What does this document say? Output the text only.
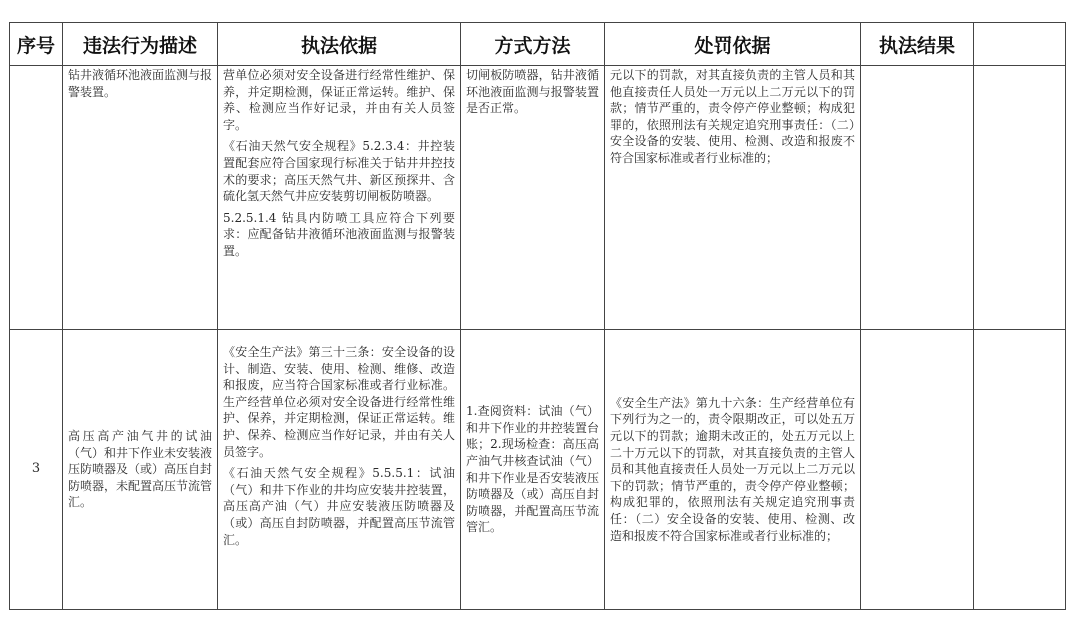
序号	违法行为描述	执法依据	方式方法	处罚依据	执法结果	

	钻井液循环池液面监测与报警装置。	营单位必须对安全设备进行经常性维护、保养，并定期检测，保证正常运转。维护、保养、检测应当作好记录，并由有关人员签字。

《石油天然气安全规程》5.2.3.4：井控装置配套应符合国家现行标准关于钻井井控技术的要求；高压天然气井、新区预探井、含硫化氢天然气井应安装剪切闸板防喷器。

5.2.5.1.4 钻具内防喷工具应符合下列要求：应配备钻井液循环池液面监测与报警装置。	切闸板防喷器，钻井液循环池液面监测与报警装置是否正常。	元以下的罚款，对其直接负责的主管人员和其他直接责任人员处一万元以上二万元以下的罚款；情节严重的，责令停产停业整顿；构成犯罪的，依照刑法有关规定追究刑事责任：（二）安全设备的安装、使用、检测、改造和报废不符合国家标准或者行业标准的；		

3	高压高产油气井的试油（气）和井下作业未安装液压防喷器及（或）高压自封防喷器，未配置高压节流管汇。	《安全生产法》第三十三条：安全设备的设计、制造、安装、使用、检测、维修、改造和报废，应当符合国家标准或者行业标准。生产经营单位必须对安全设备进行经常性维护、保养，并定期检测，保证正常运转。维护、保养、检测应当作好记录，并由有关人员签字。

《石油天然气安全规程》5.5.5.1：试油（气）和井下作业的井均应安装井控装置，高压高产油（气）井应安装液压防喷器及（或）高压自封防喷器，并配置高压节流管汇。	1.查阅资料：试油（气）和井下作业的井控装置台账；2.现场检查：高压高产油气井核查试油（气）和井下作业是否安装液压防喷器及（或）高压自封防喷器，并配置高压节流管汇。	《安全生产法》第九十六条：生产经营单位有下列行为之一的，责令限期改正，可以处五万元以下的罚款；逾期未改正的，处五万元以上二十万元以下的罚款，对其直接负责的主管人员和其他直接责任人员处一万元以上二万元以下的罚款；情节严重的，责令停产停业整顿；构成犯罪的，依照刑法有关规定追究刑事责任：（二）安全设备的安装、使用、检测、改造和报废不符合国家标准或者行业标准的；		
